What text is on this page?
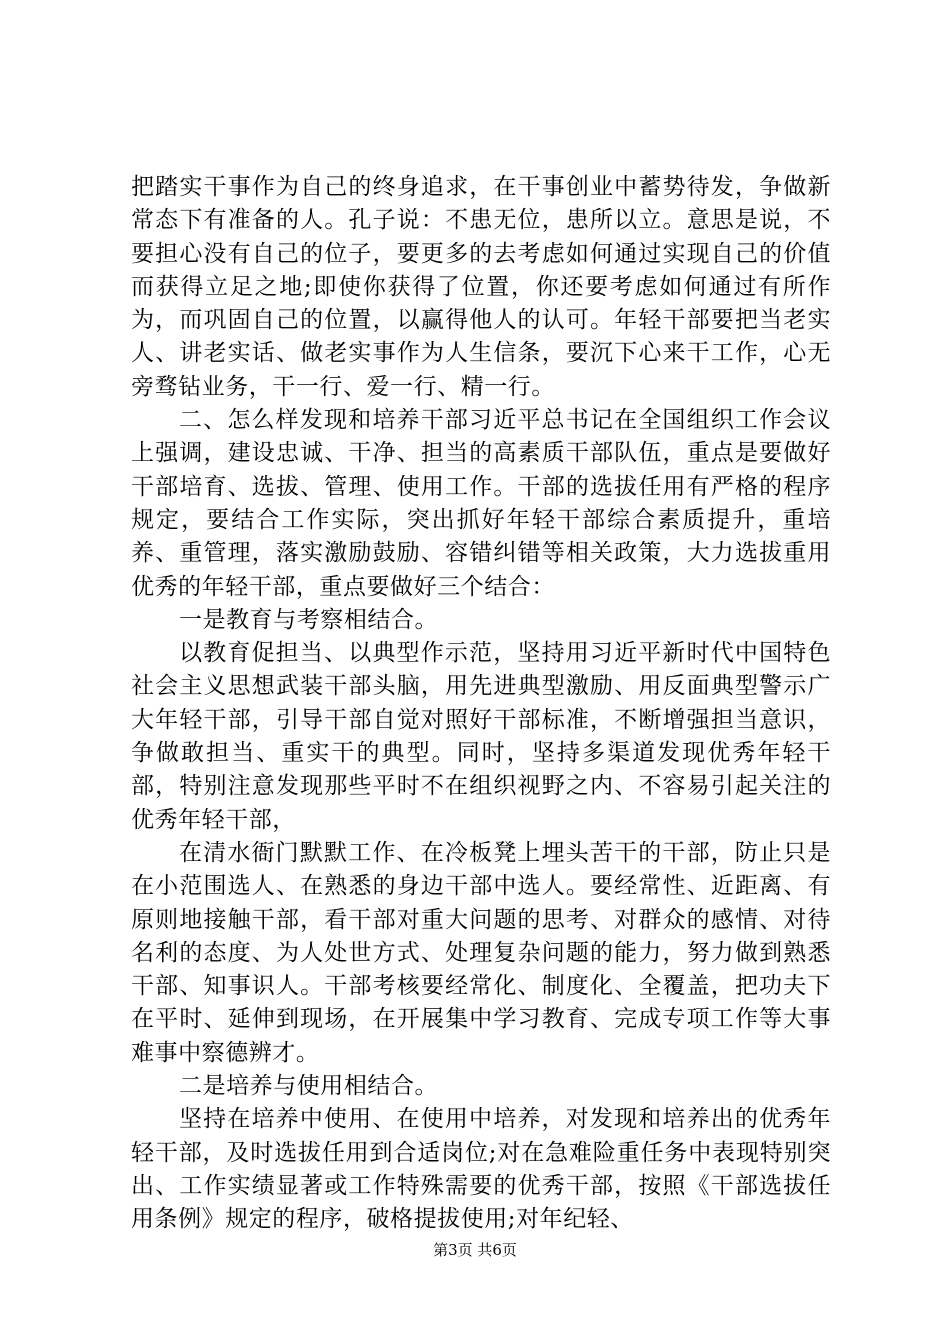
把踏实干事作为自己的终身追求，在干事创业中蓄势待发，争做新常态下有准备的人。孔子说：不患无位，患所以立。意思是说，不要担心没有自己的位子，要更多的去考虑如何通过实现自己的价值而获得立足之地;即使你获得了位置，你还要考虑如何通过有所作为，而巩固自己的位置，以赢得他人的认可。年轻干部要把当老实人、讲老实话、做老实事作为人生信条，要沉下心来干工作，心无旁骛钻业务，干一行、爱一行、精一行。

二、怎么样发现和培养干部习近平总书记在全国组织工作会议上强调，建设忠诚、干净、担当的高素质干部队伍，重点是要做好干部培育、选拔、管理、使用工作。干部的选拔任用有严格的程序规定，要结合工作实际，突出抓好年轻干部综合素质提升，重培养、重管理，落实激励鼓励、容错纠错等相关政策，大力选拔重用优秀的年轻干部，重点要做好三个结合：

一是教育与考察相结合。

以教育促担当、以典型作示范，坚持用习近平新时代中国特色社会主义思想武装干部头脑，用先进典型激励、用反面典型警示广大年轻干部，引导干部自觉对照好干部标准，不断增强担当意识，争做敢担当、重实干的典型。同时，坚持多渠道发现优秀年轻干部，特别注意发现那些平时不在组织视野之内、不容易引起关注的优秀年轻干部，

在清水衙门默默工作、在冷板凳上埋头苦干的干部，防止只是在小范围选人、在熟悉的身边干部中选人。要经常性、近距离、有原则地接触干部，看干部对重大问题的思考、对群众的感情、对待名利的态度、为人处世方式、处理复杂问题的能力，努力做到熟悉干部、知事识人。干部考核要经常化、制度化、全覆盖，把功夫下在平时、延伸到现场，在开展集中学习教育、完成专项工作等大事难事中察德辨才。

二是培养与使用相结合。

坚持在培养中使用、在使用中培养，对发现和培养出的优秀年轻干部，及时选拔任用到合适岗位;对在急难险重任务中表现特别突出、工作实绩显著或工作特殊需要的优秀干部，按照《干部选拔任用条例》规定的程序，破格提拔使用;对年纪轻、

第3页 共6页
